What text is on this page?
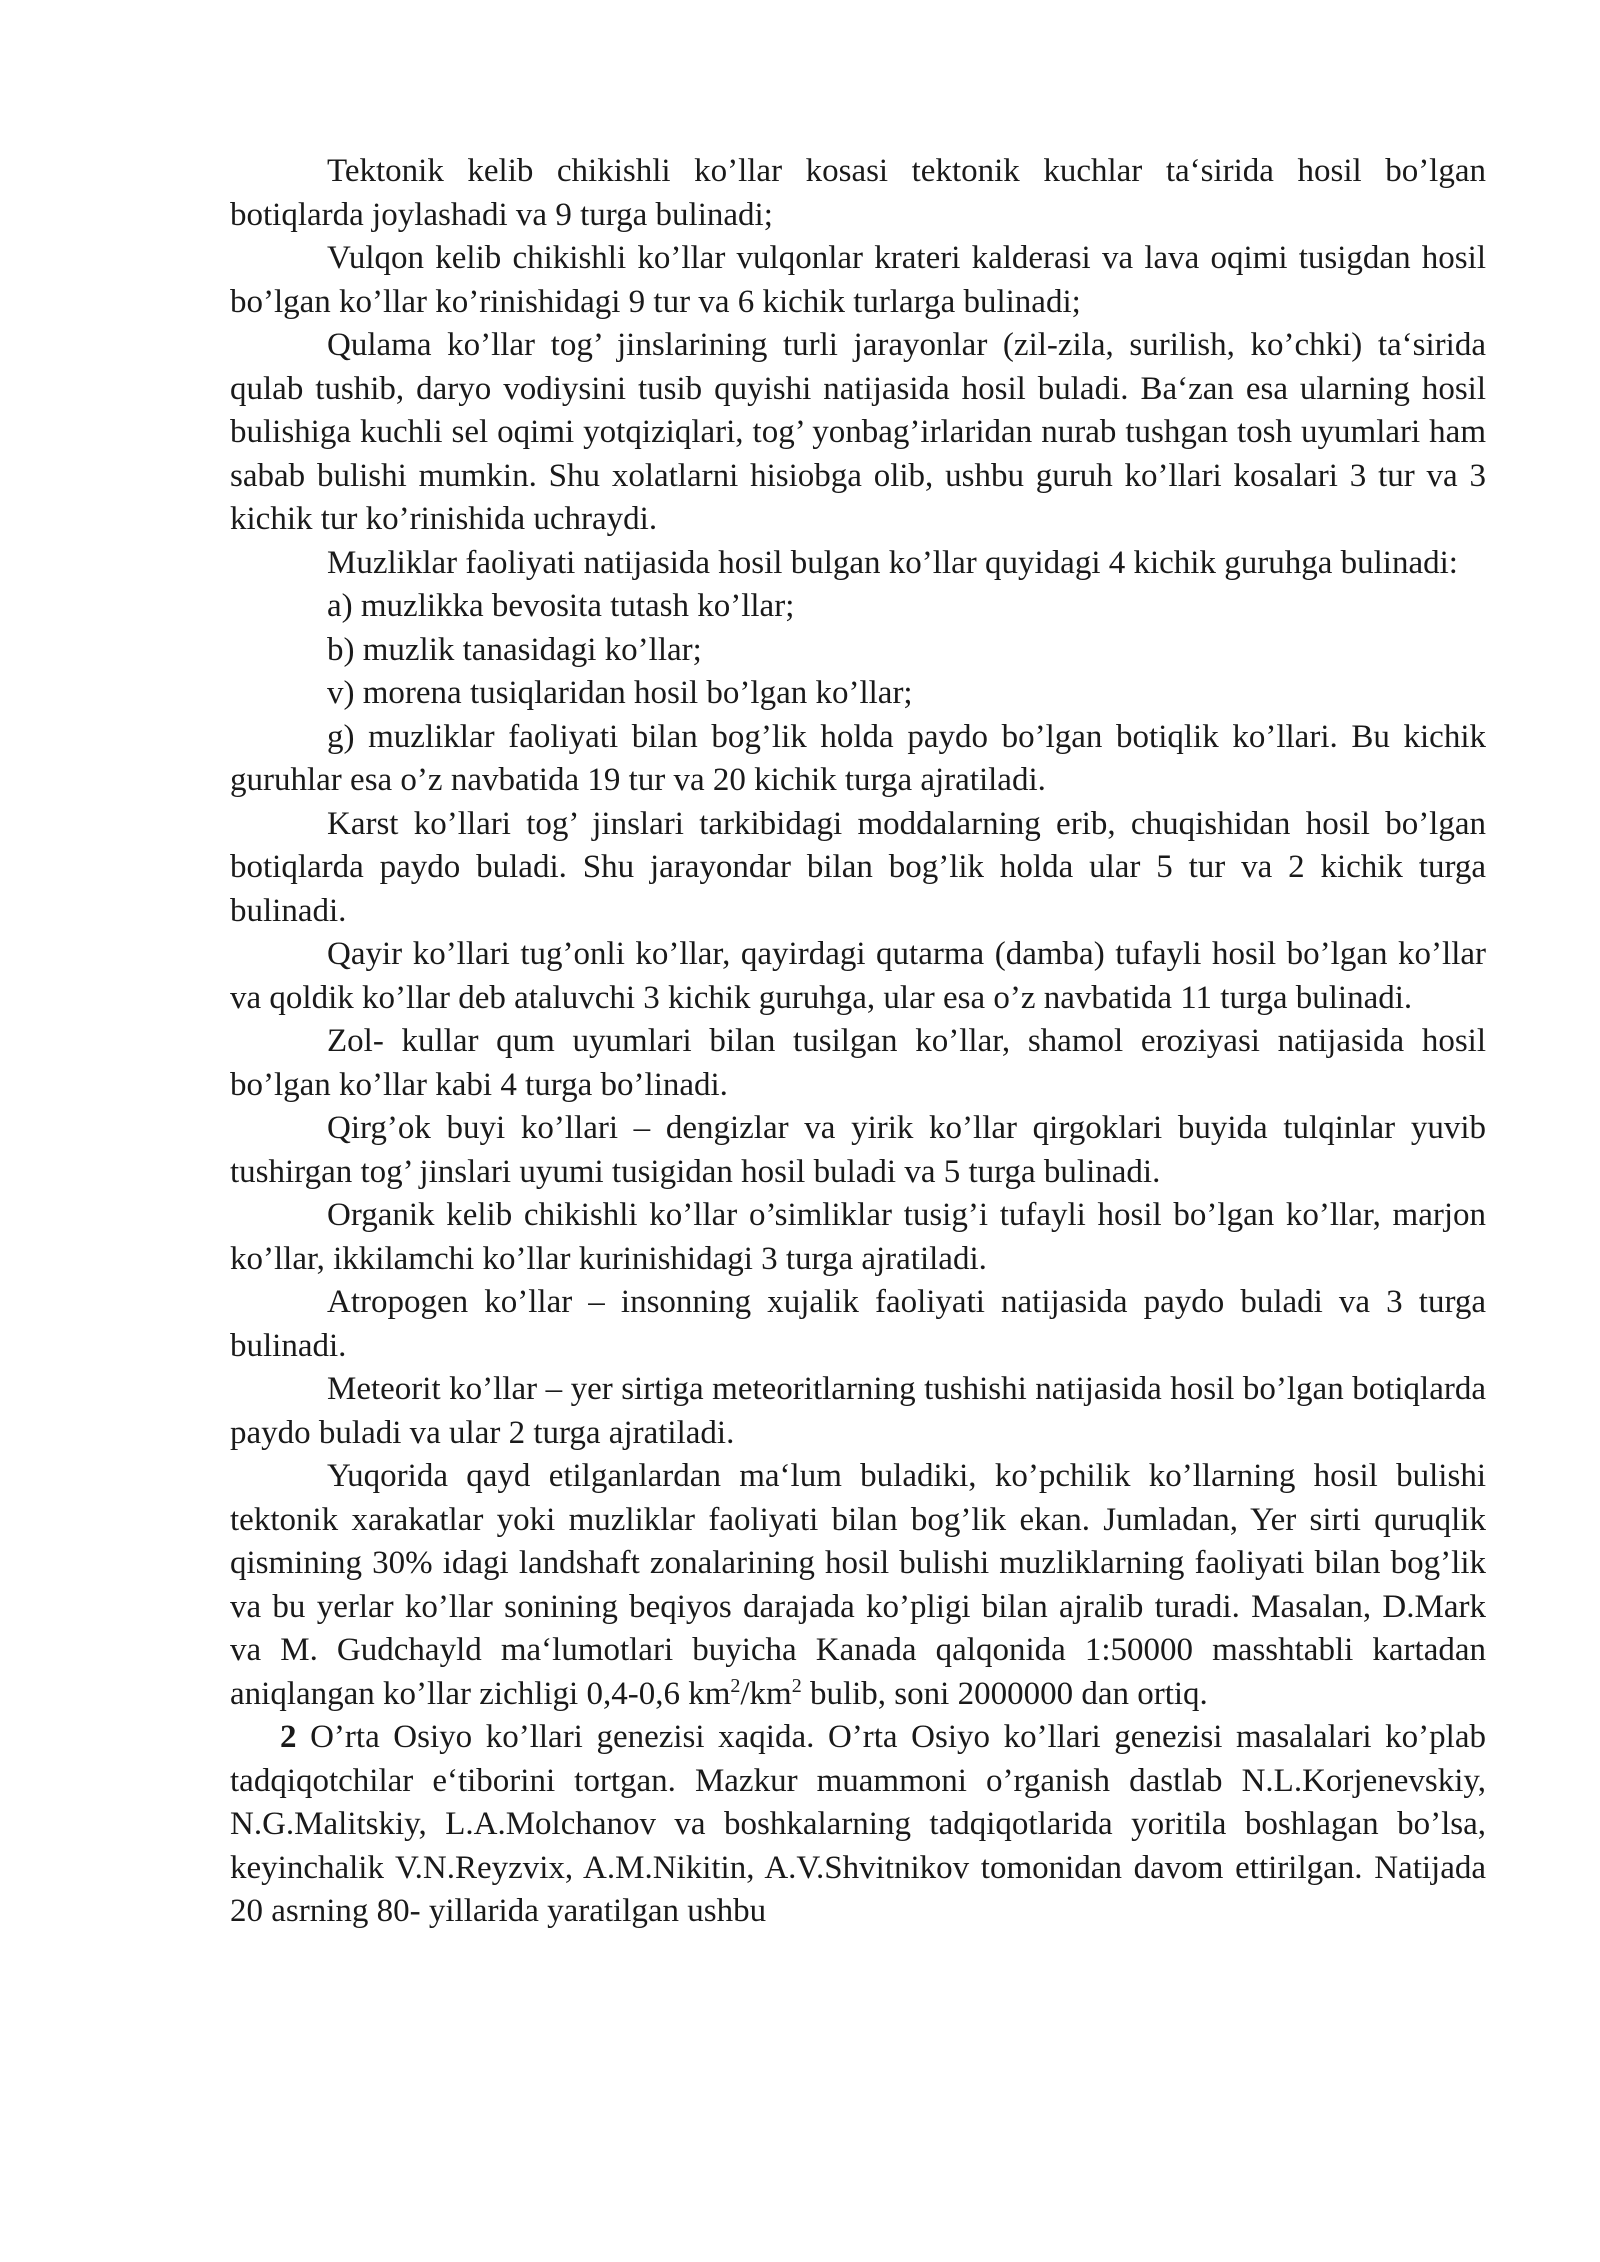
Tektonik kelib chikishli ko’llar kosasi tektonik kuchlar ta‘sirida hosil bo’lgan botiqlarda joylashadi va 9 turga bulinadi;

Vulqon kelib chikishli ko’llar vulqonlar krateri kalderasi va lava oqimi tusigdan hosil bo’lgan ko’llar ko’rinishidagi 9 tur va 6 kichik turlarga bulinadi;

Qulama ko’llar tog’ jinslarining turli jarayonlar (zil-zila, surilish, ko’chki) ta‘sirida qulab tushib, daryo vodiysini tusib quyishi natijasida hosil buladi. Ba‘zan esa ularning hosil bulishiga kuchli sel oqimi yotqiziqlari, tog’ yonbag’irlaridan nurab tushgan tosh uyumlari ham sabab bulishi mumkin. Shu xolatlarni hisiobga olib, ushbu guruh ko’llari kosalari 3 tur va 3 kichik tur ko’rinishida uchraydi.

Muzliklar faoliyati natijasida hosil bulgan ko’llar quyidagi 4 kichik guruhga bulinadi:

a) muzlikka bevosita tutash ko’llar;

b) muzlik tanasidagi ko’llar;

v) morena tusiqlaridan hosil bo’lgan ko’llar;

g) muzliklar faoliyati bilan bog’lik holda paydo bo’lgan botiqlik ko’llari. Bu kichik guruhlar esa o’z navbatida 19 tur va 20 kichik turga ajratiladi.

Karst ko’llari tog’ jinslari tarkibidagi moddalarning erib, chuqishidan hosil bo’lgan botiqlarda paydo buladi. Shu jarayondar bilan bog’lik holda ular 5 tur va 2 kichik turga bulinadi.

Qayir ko’llari tug’onli ko’llar, qayirdagi qutarma (damba) tufayli hosil bo’lgan ko’llar va qoldik ko’llar deb ataluvchi 3 kichik guruhga, ular esa o’z navbatida 11 turga bulinadi.

Zol- kullar qum uyumlari bilan tusilgan ko’llar, shamol eroziyasi natijasida hosil bo’lgan ko’llar kabi 4 turga bo’linadi.

Qirg’ok buyi ko’llari – dengizlar va yirik ko’llar qirgoklari buyida tulqinlar yuvib tushirgan tog’ jinslari uyumi tusigidan hosil buladi va 5 turga bulinadi.

Organik kelib chikishli ko’llar o’simliklar tusig’i tufayli hosil bo’lgan ko’llar, marjon ko’llar, ikkilamchi ko’llar kurinishidagi 3 turga ajratiladi.

Atropogen ko’llar – insonning xujalik faoliyati natijasida paydo buladi va 3 turga bulinadi.

Meteorit ko’llar – yer sirtiga meteoritlarning tushishi natijasida hosil bo’lgan botiqlarda paydo buladi va ular 2 turga ajratiladi.

Yuqorida qayd etilganlardan ma‘lum buladiki, ko’pchilik ko’llarning hosil bulishi tektonik xarakatlar yoki muzliklar faoliyati bilan bog’lik ekan. Jumladan, Yer sirti quruqlik qismining 30% idagi landshaft zonalarining hosil bulishi muzliklarning faoliyati bilan bog’lik va bu yerlar ko’llar sonining beqiyos darajada ko’pligi bilan ajralib turadi. Masalan, D.Mark va M. Gudchayld ma‘lumotlari buyicha Kanada qalqonida 1:50000 masshtabli kartadan aniqlangan ko’llar zichligi 0,4-0,6 $km^2/km^2$ bulib, soni 2000000 dan ortiq.

2 O’rta Osiyo ko’llari genezisi xaqida. O’rta Osiyo ko’llari genezisi masalalari ko’plab tadqiqotchilar e‘tiborini tortgan. Mazkur muammoni o’rganish dastlab N.L.Korjenevskiy, N.G.Malitskiy, L.A.Molchanov va boshkalarning tadqiqotlarida yoritila boshlagan bo’lsa, keyinchalik V.N.Reyzvix, A.M.Nikitin, A.V.Shvitnikov tomonidan davom ettirilgan. Natijada 20 asrning 80- yillarida yaratilgan ushbu
